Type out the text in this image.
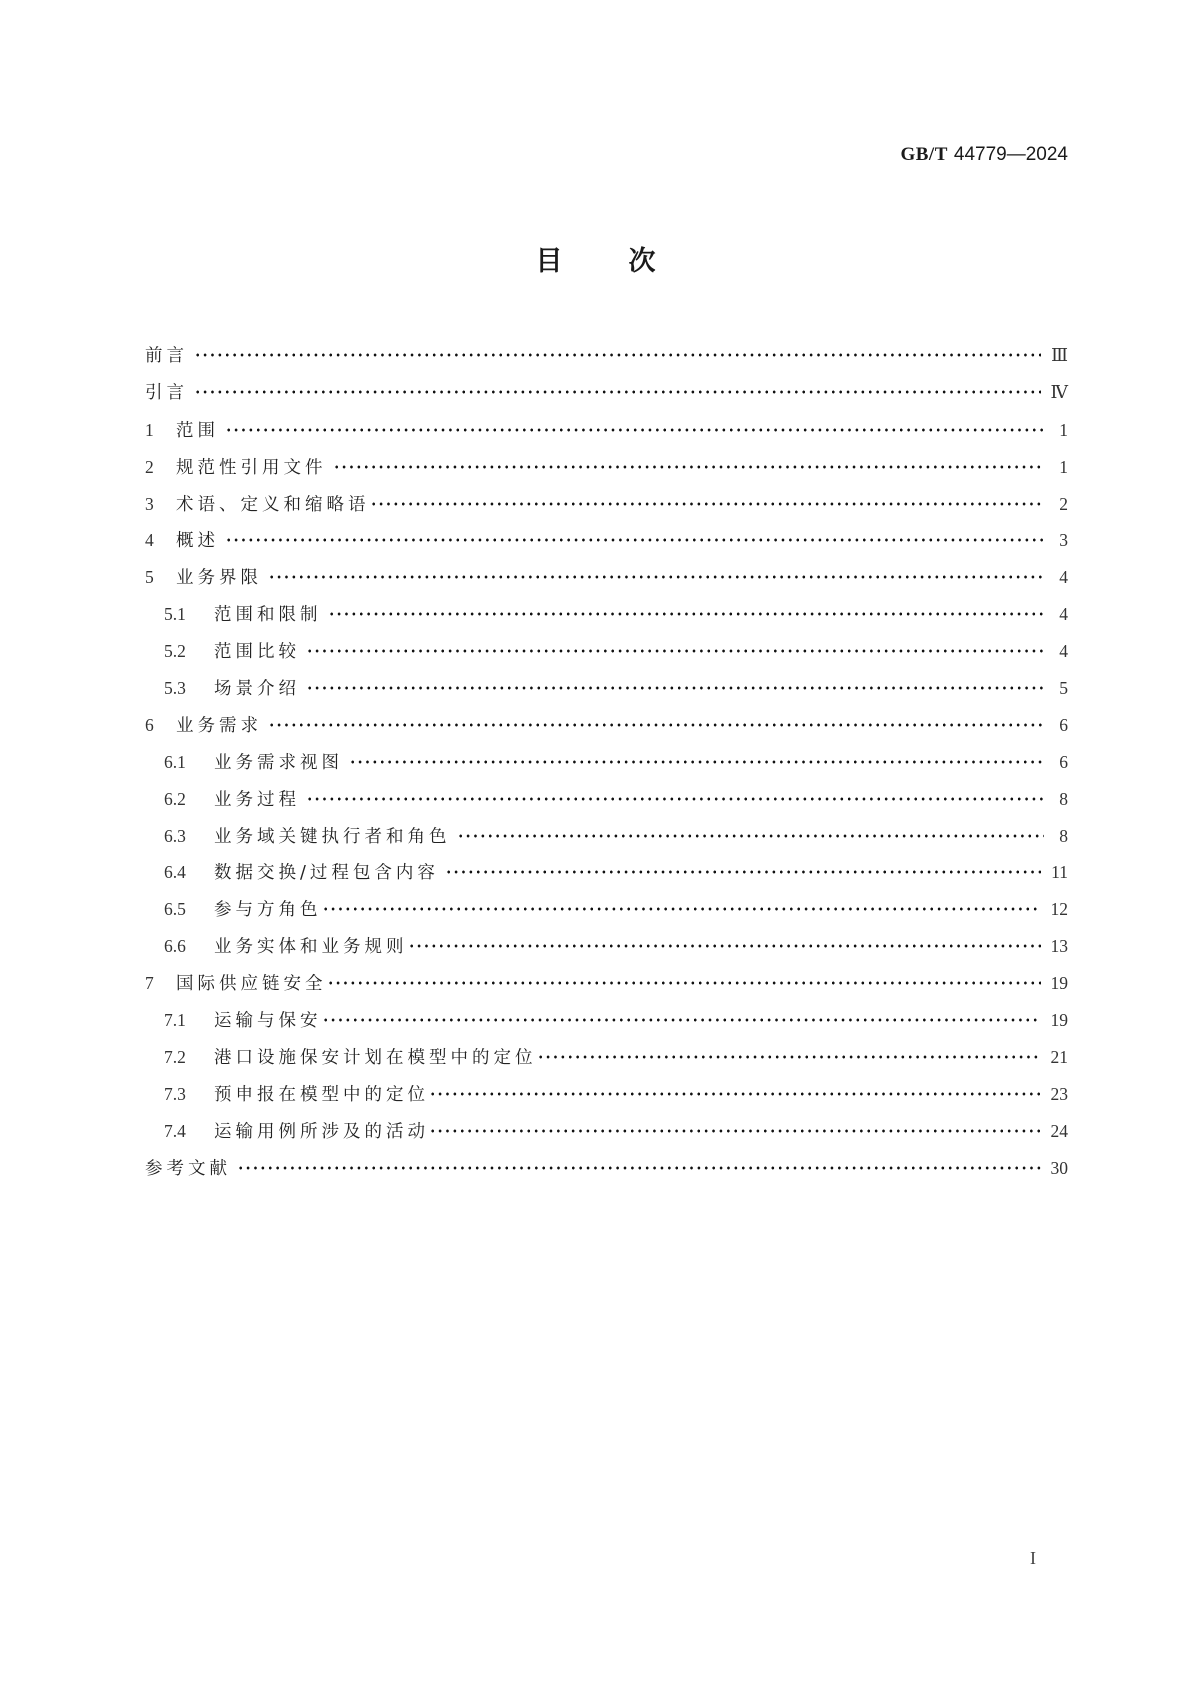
GB/T 44779—2024
目 次
前言	Ⅲ
引言	Ⅳ
1	范围	1
2	规范性引用文件	1
3	术语、定义和缩略语	2
4	概述	3
5	业务界限	4
5.1	范围和限制	4
5.2	范围比较	4
5.3	场景介绍	5
6	业务需求	6
6.1	业务需求视图	6
6.2	业务过程	8
6.3	业务域关键执行者和角色	8
6.4	数据交换/过程包含内容	11
6.5	参与方角色	12
6.6	业务实体和业务规则	13
7	国际供应链安全	19
7.1	运输与保安	19
7.2	港口设施保安计划在模型中的定位	21
7.3	预申报在模型中的定位	23
7.4	运输用例所涉及的活动	24
参考文献	30
I
